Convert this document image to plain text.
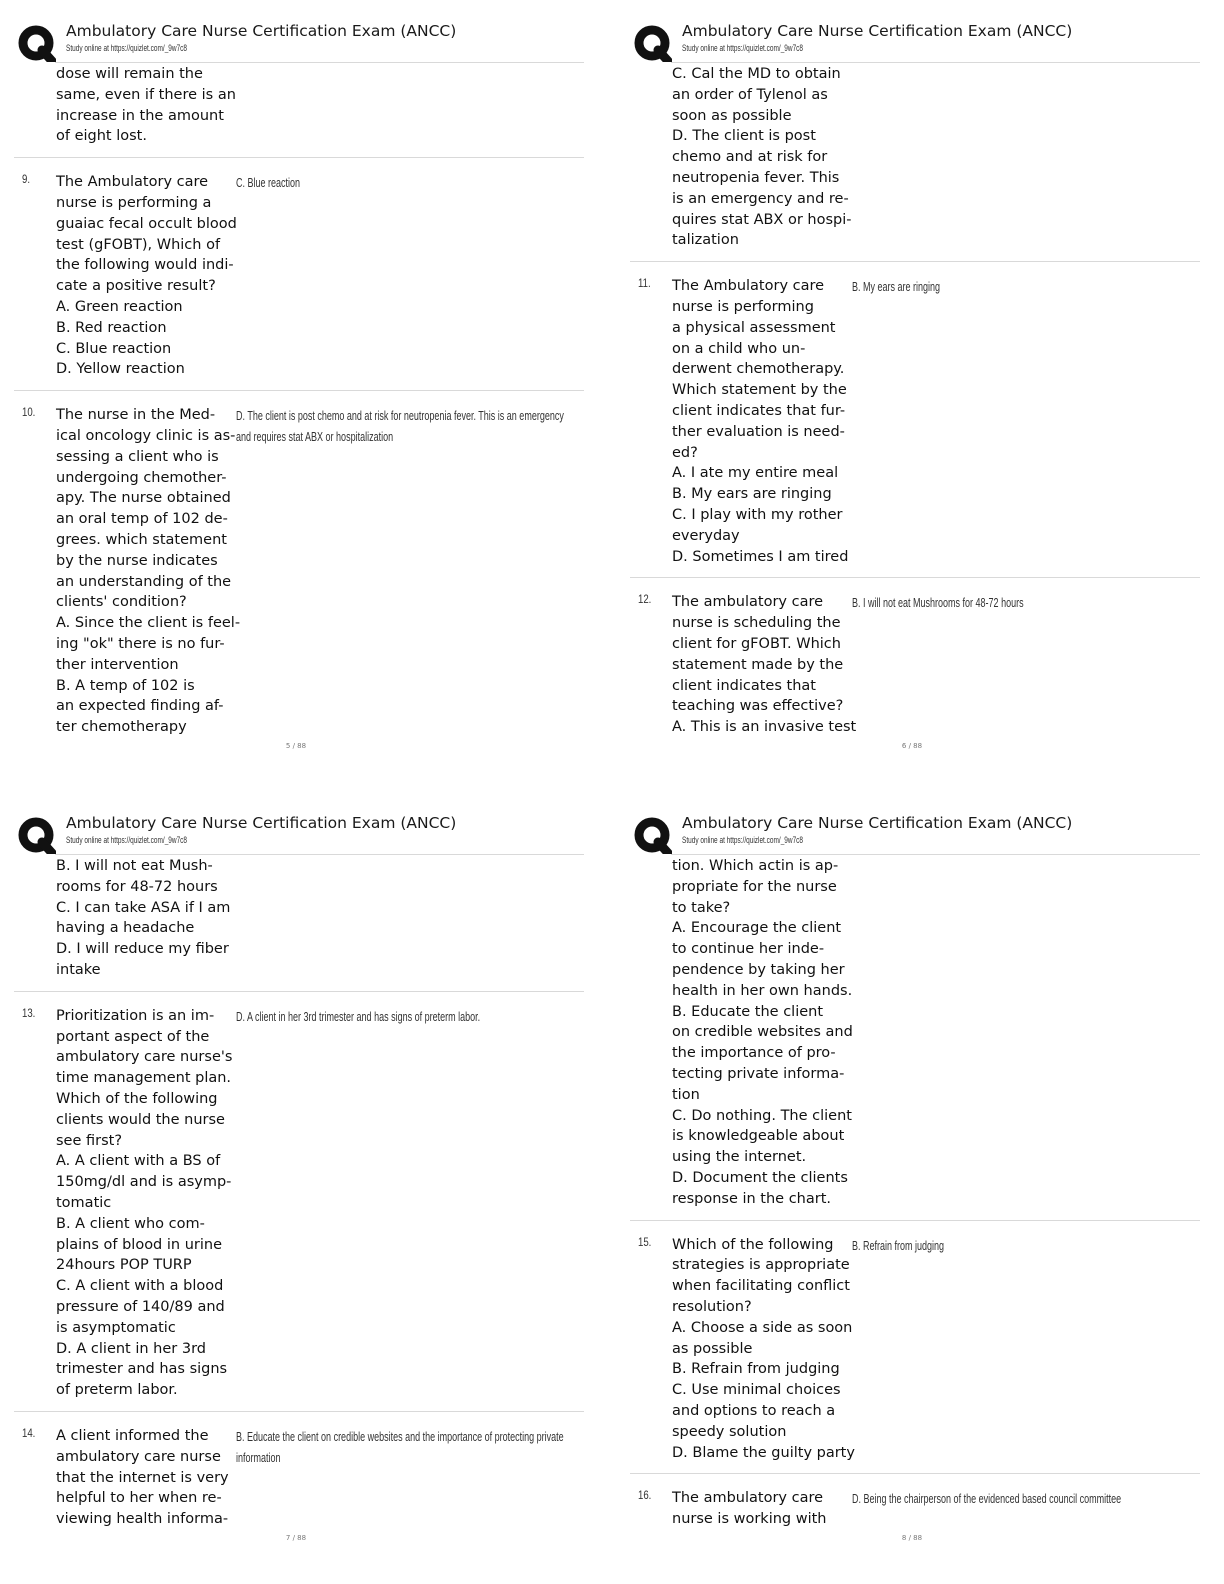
Ambulatory Care Nurse Certification Exam (ANCC)
Study online at https://quizlet.com/_9w7c8
dose will remain the
same, even if there is an
increase in the amount
of eight lost.
9. The Ambulatory care
nurse is performing a
guaiac fecal occult blood
test (gFOBT), Which of
the following would indi-
cate a positive result?
A. Green reaction
B. Red reaction
C. Blue reaction
D. Yellow reaction
C. Blue reaction
10. The nurse in the Med-
ical oncology clinic is as-
sessing a client who is
undergoing chemother-
apy. The nurse obtained
an oral temp of 102 de-
grees. which statement
by the nurse indicates
an understanding of the
clients' condition?
A. Since the client is feel-
ing "ok" there is no fur-
ther intervention
B. A temp of 102 is
an expected finding af-
ter chemotherapy
D. The client is post chemo and at risk for neutropenia fever. This is an emergency and requires stat ABX or hospitalization
5 / 88
Ambulatory Care Nurse Certification Exam (ANCC)
Study online at https://quizlet.com/_9w7c8
C. Cal the MD to obtain
an order of Tylenol as
soon as possible
D. The client is post
chemo and at risk for
neutropenia fever. This
is an emergency and re-
quires stat ABX or hospi-
talization
11. The Ambulatory care
nurse is performing
a physical assessment
on a child who un-
derwent chemotherapy.
Which statement by the
client indicates that fur-
ther evaluation is need-
ed?
A. I ate my entire meal
B. My ears are ringing
C. I play with my rother
everyday
D. Sometimes I am tired
B. My ears are ringing
12. The ambulatory care
nurse is scheduling the
client for gFOBT. Which
statement made by the
client indicates that
teaching was effective?
A. This is an invasive test
B. I will not eat Mushrooms for 48-72 hours
6 / 88
Ambulatory Care Nurse Certification Exam (ANCC)
Study online at https://quizlet.com/_9w7c8
B. I will not eat Mush-
rooms for 48-72 hours
C. I can take ASA if I am
having a headache
D. I will reduce my fiber
intake
13. Prioritization is an im-
portant aspect of the
ambulatory care nurse's
time management plan.
Which of the following
clients would the nurse
see first?
A. A client with a BS of
150mg/dl and is asymp-
tomatic
B. A client who com-
plains of blood in urine
24hours POP TURP
C. A client with a blood
pressure of 140/89 and
is asymptomatic
D. A client in her 3rd
trimester and has signs
of preterm labor.
D. A client in her 3rd trimester and has signs of preterm labor.
14. A client informed the
ambulatory care nurse
that the internet is very
helpful to her when re-
viewing health informa-
B. Educate the client on credible websites and the importance of protecting private information
7 / 88
Ambulatory Care Nurse Certification Exam (ANCC)
Study online at https://quizlet.com/_9w7c8
tion. Which actin is ap-
propriate for the nurse
to take?
A. Encourage the client
to continue her inde-
pendence by taking her
health in her own hands.
B. Educate the client
on credible websites and
the importance of pro-
tecting private informa-
tion
C. Do nothing. The client
is knowledgeable about
using the internet.
D. Document the clients
response in the chart.
15. Which of the following
strategies is appropriate
when facilitating conflict
resolution?
A. Choose a side as soon
as possible
B. Refrain from judging
C. Use minimal choices
and options to reach a
speedy solution
D. Blame the guilty party
B. Refrain from judging
16. The ambulatory care
nurse is working with
D. Being the chairperson of the evidenced based council committee
8 / 88
